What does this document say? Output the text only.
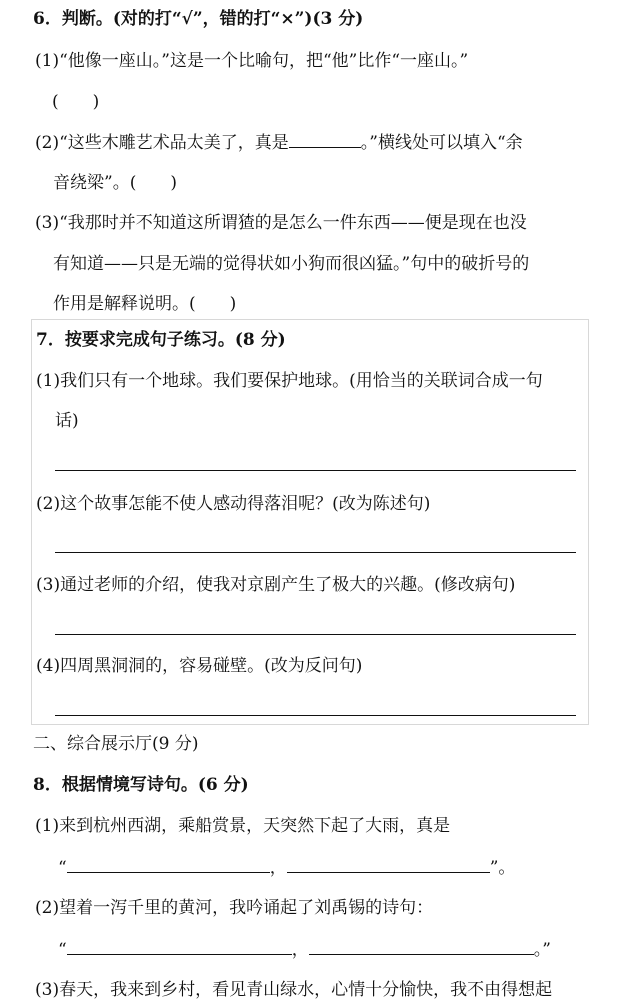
6．判断。(对的打“√”，错的打“×”)(3 分)
(1)“他像一座山。”这是一个比喻句，把“他”比作“一座山。”
(　　)
(2)“这些木雕艺术品太美了，真是	。”横线处可以填入“余
音绕梁”。(　　)
(3)“我那时并不知道这所谓猹的是怎么一件东西——便是现在也没
有知道——只是无端的觉得状如小狗而很凶猛。”句中的破折号的
作用是解释说明。(　　)
7．按要求完成句子练习。(8 分)
(1)我们只有一个地球。我们要保护地球。(用恰当的关联词合成一句
话)
(2)这个故事怎能不使人感动得落泪呢？(改为陈述句)
(3)通过老师的介绍，使我对京剧产生了极大的兴趣。(修改病句)
(4)四周黑洞洞的，容易碰壁。(改为反问句)
二、综合展示厅(9 分)
8．根据情境写诗句。(6 分)
(1)来到杭州西湖，乘船赏景，天突然下起了大雨，真是
“	，	”。
(2)望着一泻千里的黄河，我吟诵起了刘禹锡的诗句：
“	，	。”
(3)春天，我来到乡村，看见青山绿水，心情十分愉快，我不由得想起
